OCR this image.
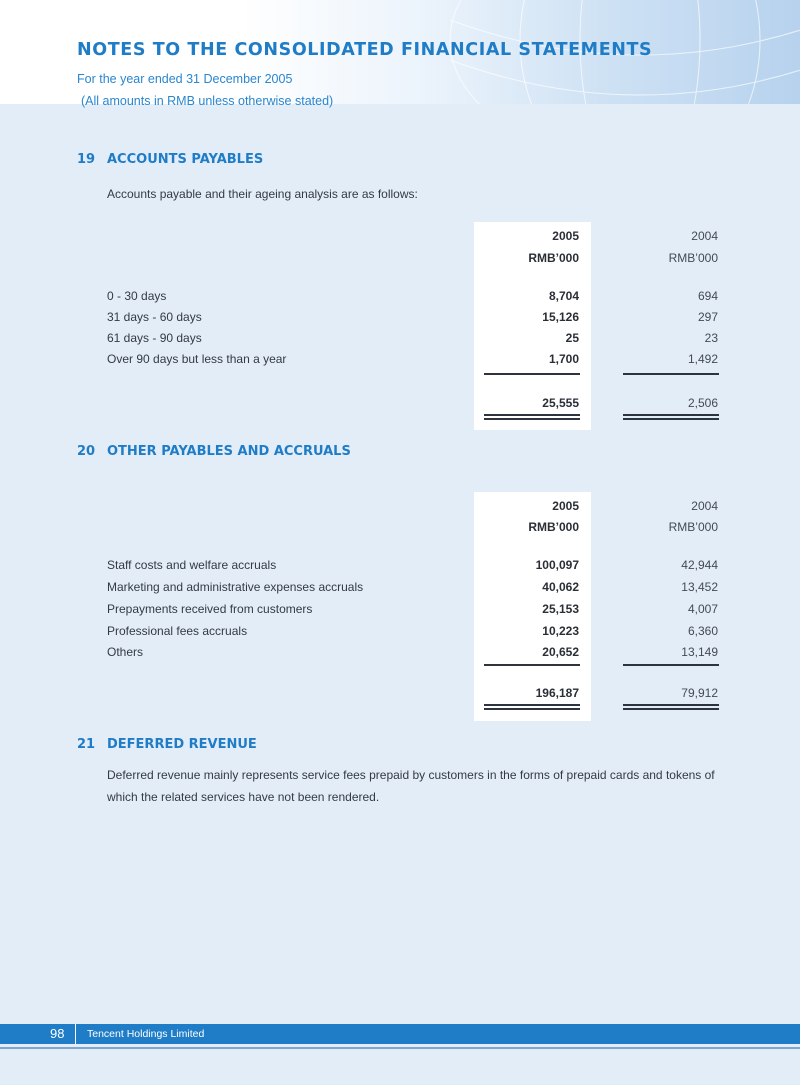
NOTES TO THE CONSOLIDATED FINANCIAL STATEMENTS
For the year ended 31 December 2005
(All amounts in RMB unless otherwise stated)
19 ACCOUNTS PAYABLES
Accounts payable and their ageing analysis are as follows:
2005	2004
RMB’000	RMB’000
0 - 30 days	8,704	694
31 days - 60 days	15,126	297
61 days - 90 days	25	23
Over 90 days but less than a year	1,700	1,492
25,555	2,506
20 OTHER PAYABLES AND ACCRUALS
2005	2004
RMB’000	RMB’000
Staff costs and welfare accruals	100,097	42,944
Marketing and administrative expenses accruals	40,062	13,452
Prepayments received from customers	25,153	4,007
Professional fees accruals	10,223	6,360
Others	20,652	13,149
196,187	79,912
21 DEFERRED REVENUE
Deferred revenue mainly represents service fees prepaid by customers in the forms of prepaid cards and tokens of which the related services have not been rendered.
98 Tencent Holdings Limited
